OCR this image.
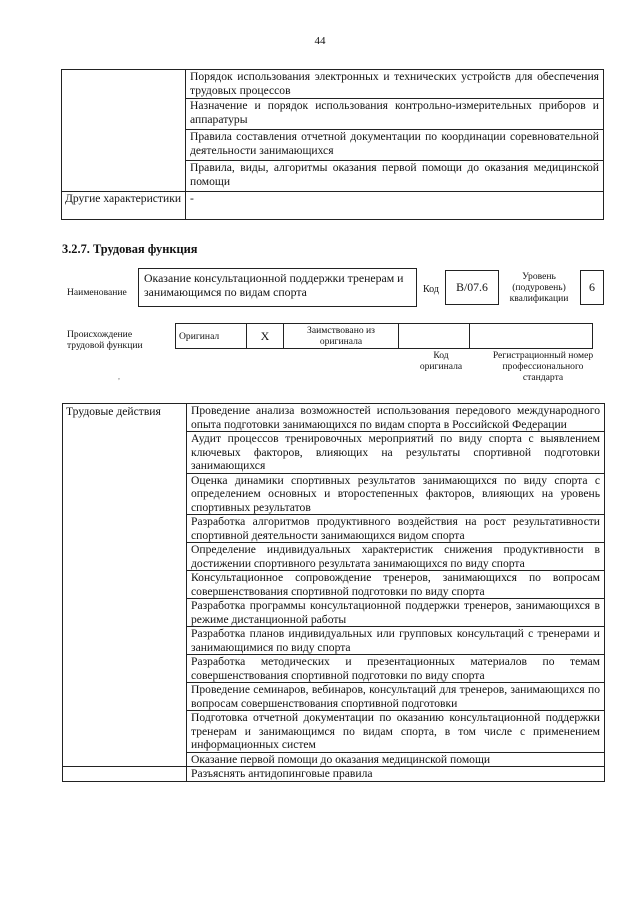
44
	Порядок использования электронных и технических устройств для обеспечения трудовых процессов
	Назначение и порядок использования контрольно-измерительных приборов и аппаратуры
	Правила составления отчетной документации по координации соревновательной деятельности занимающихся
	Правила, виды, алгоритмы оказания первой помощи до оказания медицинской помощи
Другие характеристики	-
3.2.7. Трудовая функция
Наименование
Оказание консультационной поддержки тренерам и занимающимся по видам спорта	Код	B/07.6
Уровень (подуровень) квалификации
6
Происхождение трудовой функции
Оригинал	X	Заимствовано из оригинала		
Код оригинала
Регистрационный номер профессионального стандарта
,
Трудовые действия	Проведение анализа возможностей использования передового международного опыта подготовки занимающихся по видам спорта в Российской Федерации
	Аудит процессов тренировочных мероприятий по виду спорта с выявлением ключевых факторов, влияющих на результаты спортивной подготовки занимающихся
	Оценка динамики спортивных результатов занимающихся по виду спорта с определением основных и второстепенных факторов, влияющих на уровень спортивных результатов
	Разработка алгоритмов продуктивного воздействия на рост результативности спортивной деятельности занимающихся видом спорта
	Определение индивидуальных характеристик снижения продуктивности в достижении спортивного результата занимающихся по виду спорта
	Консультационное сопровождение тренеров, занимающихся по вопросам совершенствования спортивной подготовки по виду спорта
	Разработка программы консультационной поддержки тренеров, занимающихся в режиме дистанционной работы
	Разработка планов индивидуальных или групповых консультаций с тренерами и занимающимися по виду спорта
	Разработка методических и презентационных материалов по темам совершенствования спортивной подготовки по виду спорта
	Проведение семинаров, вебинаров, консультаций для тренеров, занимающихся по вопросам совершенствования спортивной подготовки
	Подготовка отчетной документации по оказанию консультационной поддержки тренерам и занимающимся по видам спорта, в том числе с применением информационных систем
	Оказание первой помощи до оказания медицинской помощи
	Разъяснять антидопинговые правила
